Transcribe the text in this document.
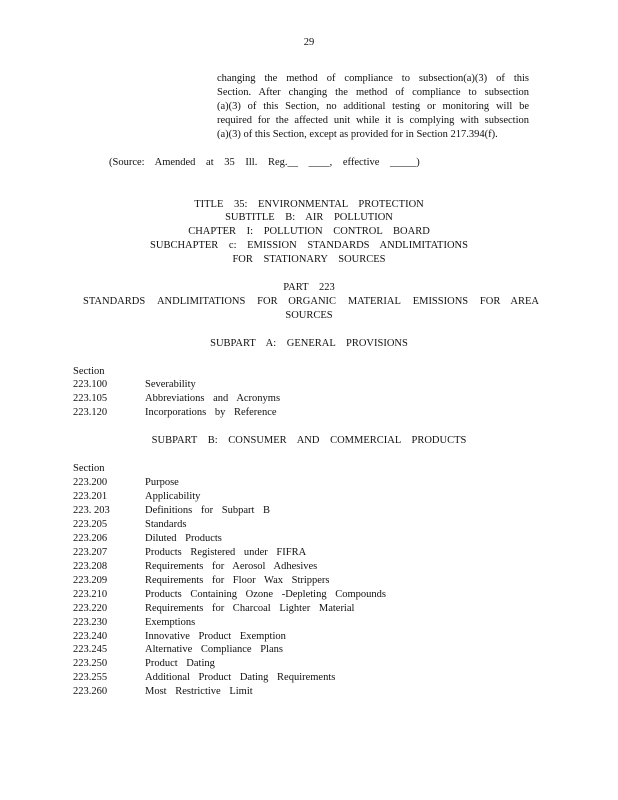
29
changing the method of compliance to subsection(a)(3) of this
Section. After changing the method of compliance to subsection
(a)(3) of this Section, no additional testing or monitoring will be
required for the affected unit while it is complying with subsection
(a)(3) of this Section, except as provided for in Section 217.394(f).
(Source: Amended at 35 Ill. Reg.__ ____, effective _____)
TITLE 35: ENVIRONMENTAL PROTECTION
SUBTITLE B: AIR POLLUTION
CHAPTER I: POLLUTION CONTROL BOARD
SUBCHAPTER c: EMISSION STANDARDS ANDLIMITATIONS
FOR STATIONARY SOURCES
PART 223
STANDARDS ANDLIMITATIONS FOR ORGANIC MATERIAL EMISSIONS FOR AREA
SOURCES
SUBPART A: GENERAL PROVISIONS
Section
223.100	Severability
223.105	Abbreviations and Acronyms
223.120	Incorporations by Reference
SUBPART B: CONSUMER AND COMMERCIAL PRODUCTS
Section
223.200	Purpose
223.201	Applicability
223. 203	Definitions for Subpart B
223.205	Standards
223.206	Diluted Products
223.207	Products Registered under FIFRA
223.208	Requirements for Aerosol Adhesives
223.209	Requirements for Floor Wax Strippers
223.210	Products Containing Ozone -Depleting Compounds
223.220	Requirements for Charcoal Lighter Material
223.230	Exemptions
223.240	Innovative Product Exemption
223.245	Alternative Compliance Plans
223.250	Product Dating
223.255	Additional Product Dating Requirements
223.260	Most Restrictive Limit
